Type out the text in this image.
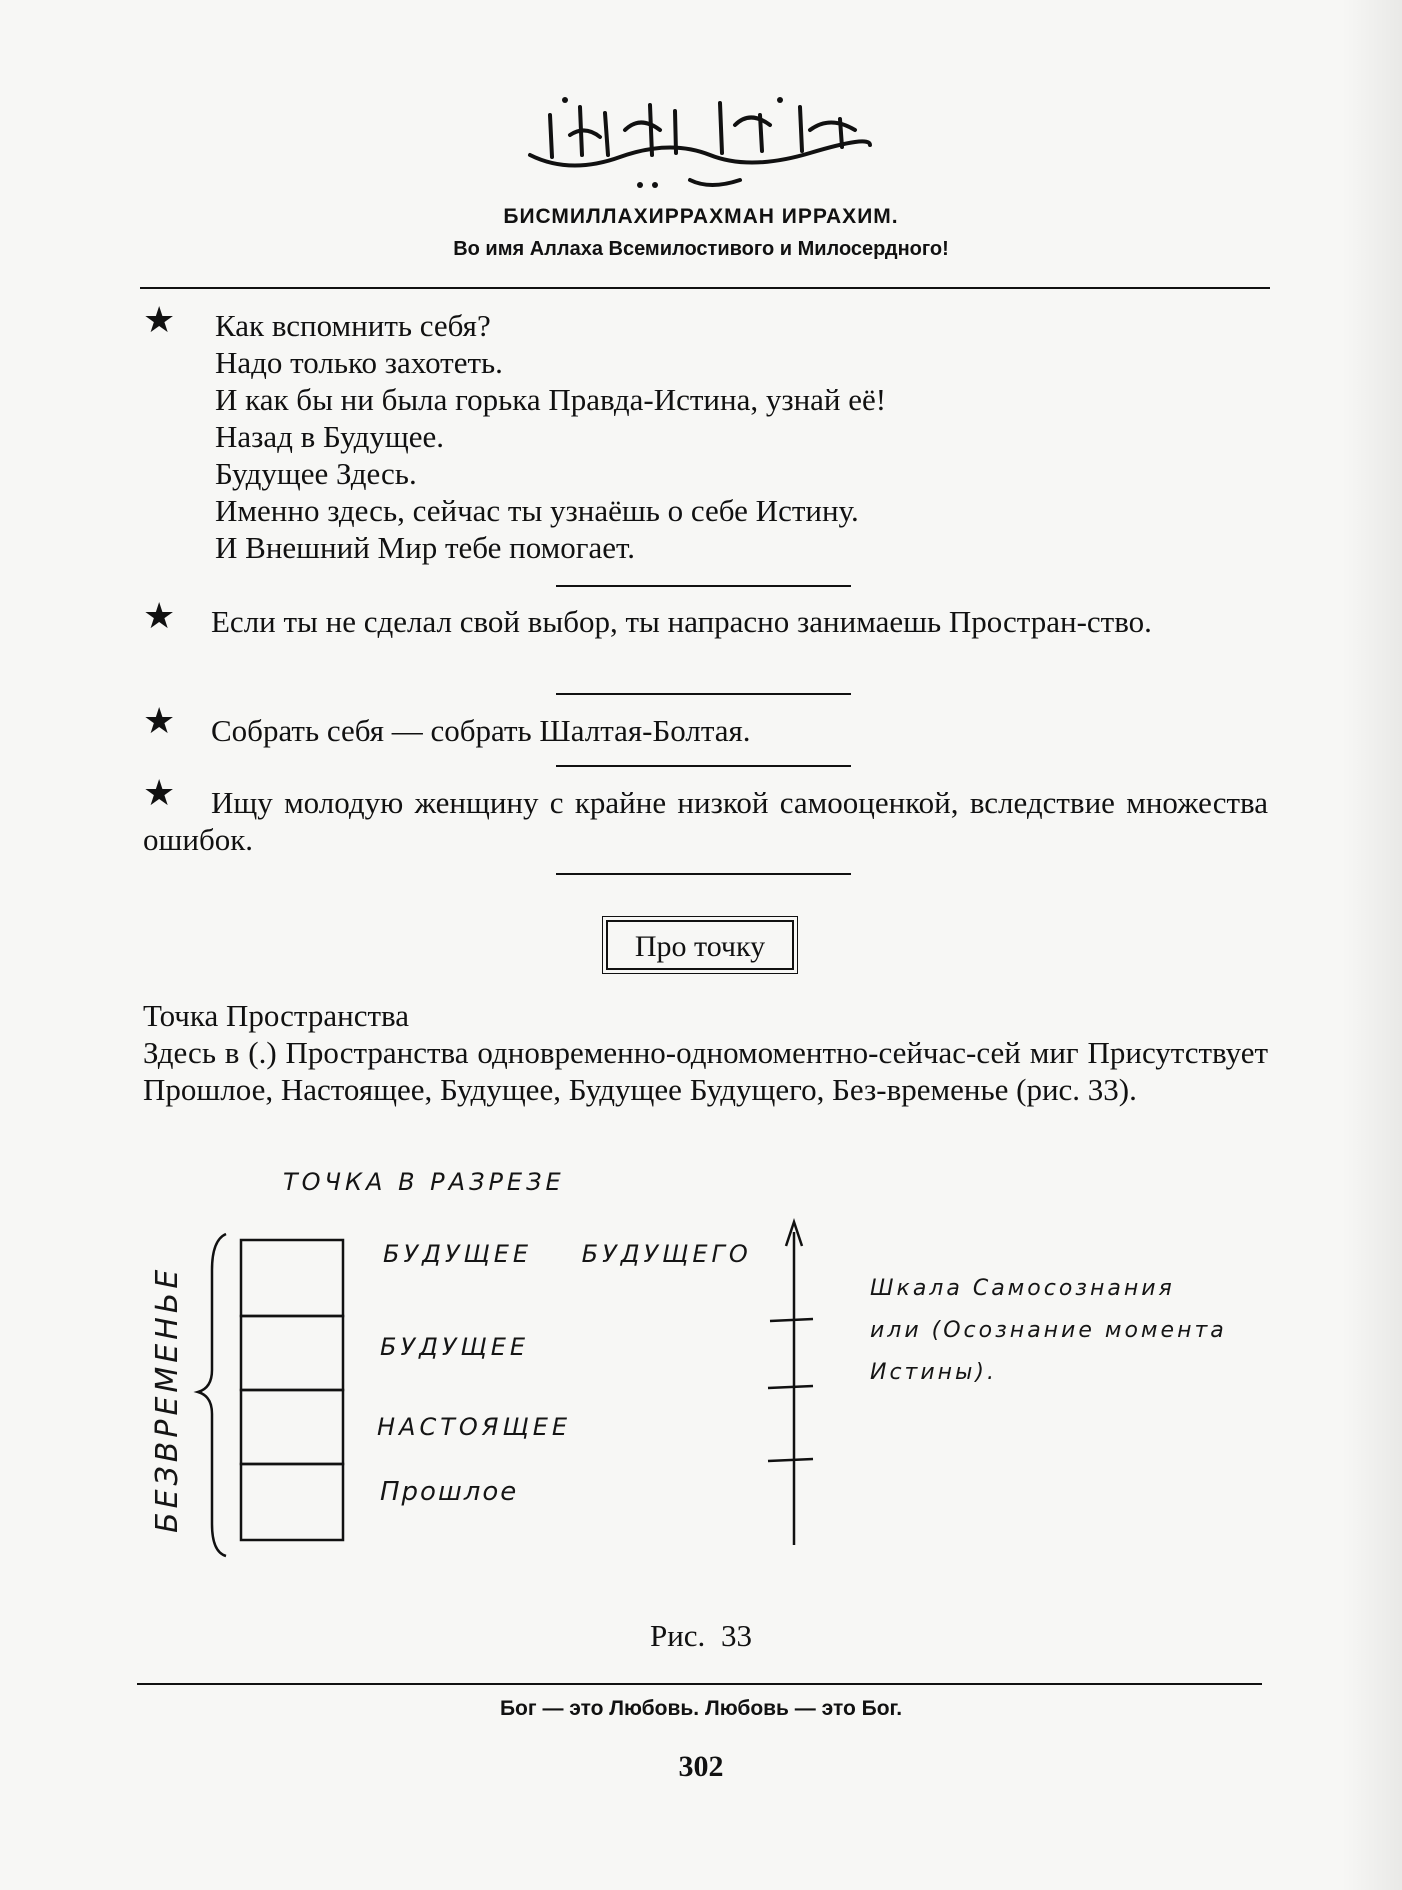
БИСМИЛЛАХИРРАХМАН ИРРАХИМ.
Во имя Аллаха Всемилостивого и Милосердного!
★ Как вспомнить себя?
Надо только захотеть.
И как бы ни была горька Правда-Истина, узнай её!
Назад в Будущее.
Будущее Здесь.
Именно здесь, сейчас ты узнаёшь о себе Истину.
И Внешний Мир тебе помогает.
★	Если ты не сделал свой выбор, ты напрасно занимаешь Простран-ство.
★ Собрать себя — собрать Шалтая-Болтая.
★	Ищу молодую женщину с крайне низкой самооценкой, вследствие множества ошибок.
Про точку
Точка Пространства
Здесь в (.) Пространства одновременно-одномоментно-сейчас-сей миг Присутствует Прошлое, Настоящее, Будущее, Будущее Будущего, Без-временье (рис. 33).
ТОЧКА В РАЗРЕЗЕ
БЕЗВРЕМЕНЬЕ
БУДУЩЕЕ БУДУЩЕГО
БУДУЩЕЕ
НАСТОЯЩЕЕ
Прошлое
Шкала Самосознания
или (Осознание момента
Истины).
Рис. 33
Бог — это Любовь. Любовь — это Бог.
302
